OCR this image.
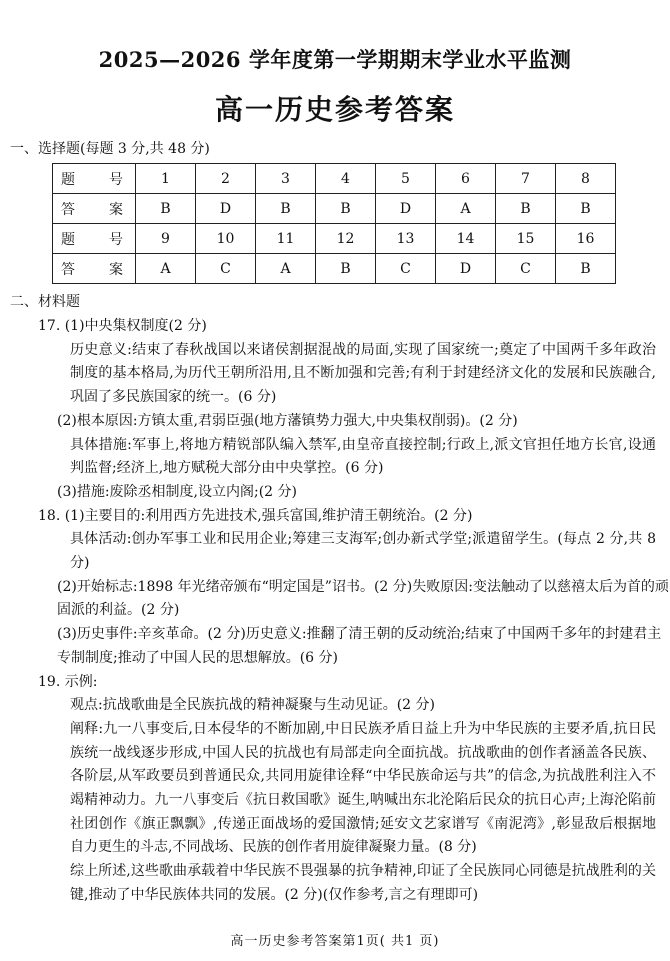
2025—2026 学年度第一学期期末学业水平监测
高一历史参考答案
一、选择题(每题 3 分,共 48 分)
题　号	1	2	3	4	5	6	7	8
答　案	B	D	B	B	D	A	B	B
题　号	9	10	11	12	13	14	15	16
答　案	A	C	A	B	C	D	C	B
二、材料题

17. (1)中央集权制度(2 分)

历史意义:结束了春秋战国以来诸侯割据混战的局面,实现了国家统一;奠定了中国两千多年政治制度的基本格局,为历代王朝所沿用,且不断加强和完善;有利于封建经济文化的发展和民族融合,巩固了多民族国家的统一。(6 分)

(2)根本原因:方镇太重,君弱臣强(地方藩镇势力强大,中央集权削弱)。(2 分)

具体措施:军事上,将地方精锐部队编入禁军,由皇帝直接控制;行政上,派文官担任地方长官,设通判监督;经济上,地方赋税大部分由中央掌控。(6 分)

(3)措施:废除丞相制度,设立内阁;(2 分)

18. (1)主要目的:利用西方先进技术,强兵富国,维护清王朝统治。(2 分)

具体活动:创办军事工业和民用企业;筹建三支海军;创办新式学堂;派遣留学生。(每点 2 分,共 8 分)

(2)开始标志:1898 年光绪帝颁布“明定国是”诏书。(2 分)失败原因:变法触动了以慈禧太后为首的顽固派的利益。(2 分)

(3)历史事件:辛亥革命。(2 分)历史意义:推翻了清王朝的反动统治;结束了中国两千多年的封建君主专制制度;推动了中国人民的思想解放。(6 分)

19. 示例:

观点:抗战歌曲是全民族抗战的精神凝聚与生动见证。(2 分)

阐释:九一八事变后,日本侵华的不断加剧,中日民族矛盾日益上升为中华民族的主要矛盾,抗日民族统一战线逐步形成,中国人民的抗战也有局部走向全面抗战。抗战歌曲的创作者涵盖各民族、各阶层,从军政要员到普通民众,共同用旋律诠释“中华民族命运与共”的信念,为抗战胜利注入不竭精神动力。九一八事变后《抗日救国歌》诞生,呐喊出东北沦陷后民众的抗日心声;上海沦陷前社团创作《旗正飘飘》,传递正面战场的爱国激情;延安文艺家谱写《南泥湾》,彰显敌后根据地自力更生的斗志,不同战场、民族的创作者用旋律凝聚力量。(8 分)

综上所述,这些歌曲承载着中华民族不畏强暴的抗争精神,印证了全民族同心同德是抗战胜利的关键,推动了中华民族体共同的发展。(2 分)(仅作参考,言之有理即可)

高一历史参考答案第1页( 共1 页)
